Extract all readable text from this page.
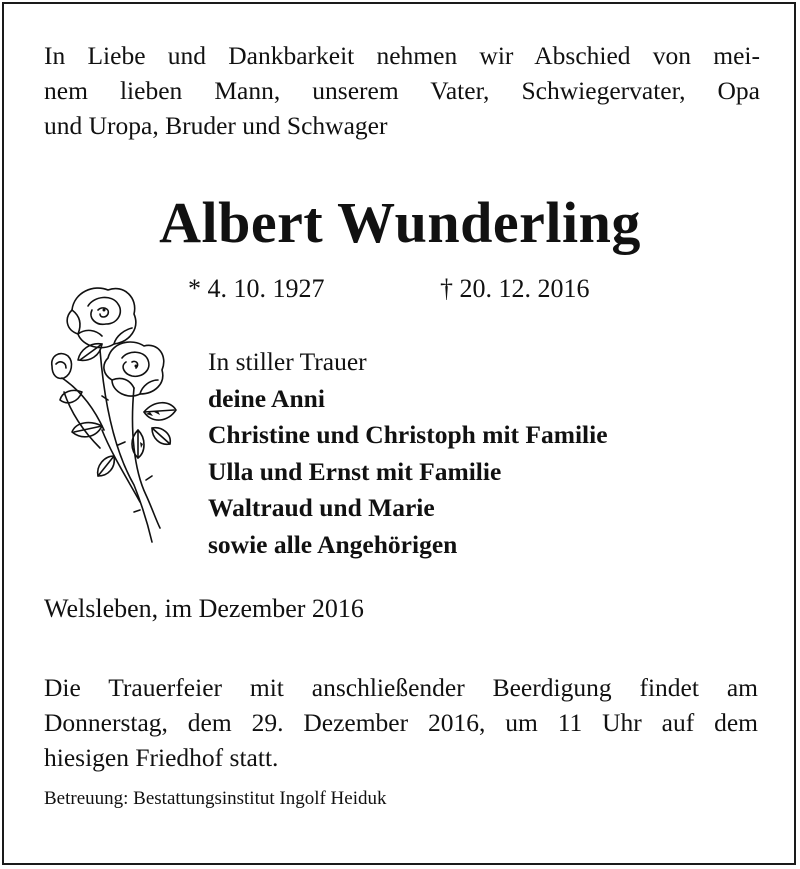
In Liebe und Dankbarkeit nehmen wir Abschied von mei-
nem lieben Mann, unserem Vater, Schwiegervater, Opa
und Uropa, Bruder und Schwager

Albert Wunderling

* 4. 10. 1927	† 20. 12. 2016

In stiller Trauer
deine Anni
Christine und Christoph mit Familie
Ulla und Ernst mit Familie
Waltraud und Marie
sowie alle Angehörigen

Welsleben, im Dezember 2016

Die Trauerfeier mit anschließender Beerdigung findet am
Donnerstag, dem 29. Dezember 2016, um 11 Uhr auf dem
hiesigen Friedhof statt.

Betreuung: Bestattungsinstitut Ingolf Heiduk
